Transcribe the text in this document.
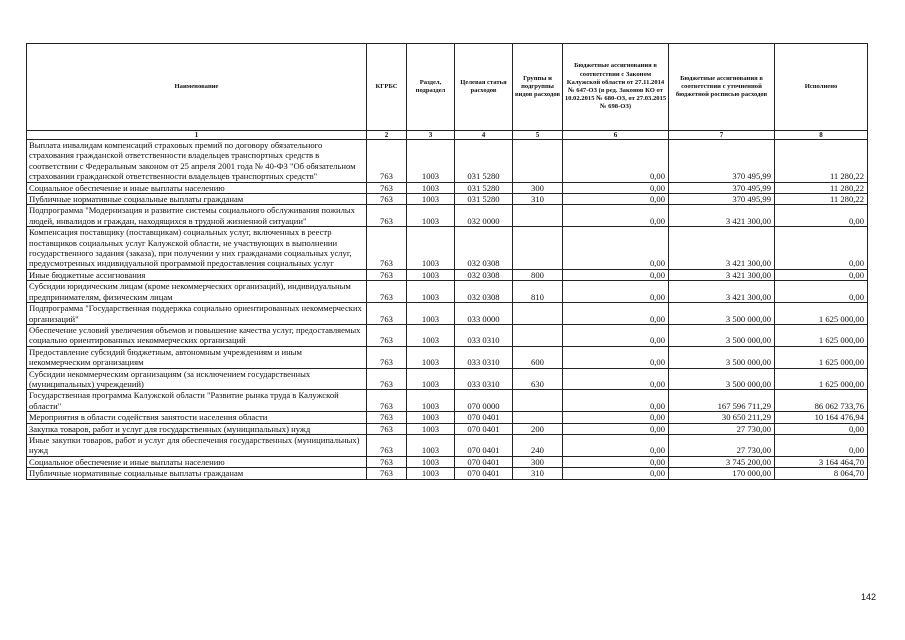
Наименование	КГРБС	Раздел, подраздел	Целевая статья расходов	Группы и подгруппы видов расходов	Бюджетные ассигнования в соответствии с Законом Калужской области от 27.11.2014 № 647-ОЗ (в ред. Законов КО от 10.02.2015 № 680-ОЗ, от 27.03.2015 № 698-ОЗ)	Бюджетные ассигнования в соответствии с уточненной бюджетной росписью расходов	Исполнено
1	2	3	4	5	6	7	8
Выплата инвалидам компенсаций страховых премий по договору обязательного страхования гражданской ответственности владельцев транспортных средств в соответствии с Федеральным законом от 25 апреля 2001 года № 40-ФЗ "Об обязательном страховании гражданской ответственности владельцев транспортных средств"	763	1003	031 5280		0,00	370 495,99	11 280,22
Социальное обеспечение и иные выплаты населению	763	1003	031 5280	300	0,00	370 495,99	11 280,22
Публичные нормативные социальные выплаты гражданам	763	1003	031 5280	310	0,00	370 495,99	11 280,22
Подпрограмма "Модернизация и развитие системы социального обслуживания пожилых людей, инвалидов и граждан, находящихся в трудной жизненной ситуации"	763	1003	032 0000		0,00	3 421 300,00	0,00
Компенсация поставщику (поставщикам) социальных услуг, включенных в реестр поставщиков социальных услуг Калужской области, не участвующих в выполнении государственного задания (заказа), при получении у них гражданами социальных услуг, предусмотренных индивидуальной программой предоставления социальных услуг	763	1003	032 0308		0,00	3 421 300,00	0,00
Иные бюджетные ассигнования	763	1003	032 0308	800	0,00	3 421 300,00	0,00
Субсидии юридическим лицам (кроме некоммерческих организаций), индивидуальным предпринимателям, физическим лицам	763	1003	032 0308	810	0,00	3 421 300,00	0,00
Подпрограмма "Государственная поддержка социально ориентированных некоммерческих организаций"	763	1003	033 0000		0,00	3 500 000,00	1 625 000,00
Обеспечение условий увеличения объемов и повышение качества услуг, предоставляемых социально ориентированных некоммерческих организаций	763	1003	033 0310		0,00	3 500 000,00	1 625 000,00
Предоставление субсидий бюджетным, автономным учреждениям и иным некоммерческим организациям	763	1003	033 0310	600	0,00	3 500 000,00	1 625 000,00
Субсидии некоммерческим организациям (за исключением государственных (муниципальных) учреждений)	763	1003	033 0310	630	0,00	3 500 000,00	1 625 000,00
Государственная программа Калужской области "Развитие рынка труда в Калужской области"	763	1003	070 0000		0,00	167 596 711,29	86 062 733,76
Мероприятия в области содействия занятости населения области	763	1003	070 0401		0,00	30 650 211,29	10 164 476,94
Закупка товаров, работ и услуг для государственных (муниципальных) нужд	763	1003	070 0401	200	0,00	27 730,00	0,00
Иные закупки товаров, работ и услуг для обеспечения государственных (муниципальных) нужд	763	1003	070 0401	240	0,00	27 730,00	0,00
Социальное обеспечение и иные выплаты населению	763	1003	070 0401	300	0,00	3 745 200,00	3 164 464,70
Публичные нормативные социальные выплаты гражданам	763	1003	070 0401	310	0,00	170 000,00	8 064,70
142
